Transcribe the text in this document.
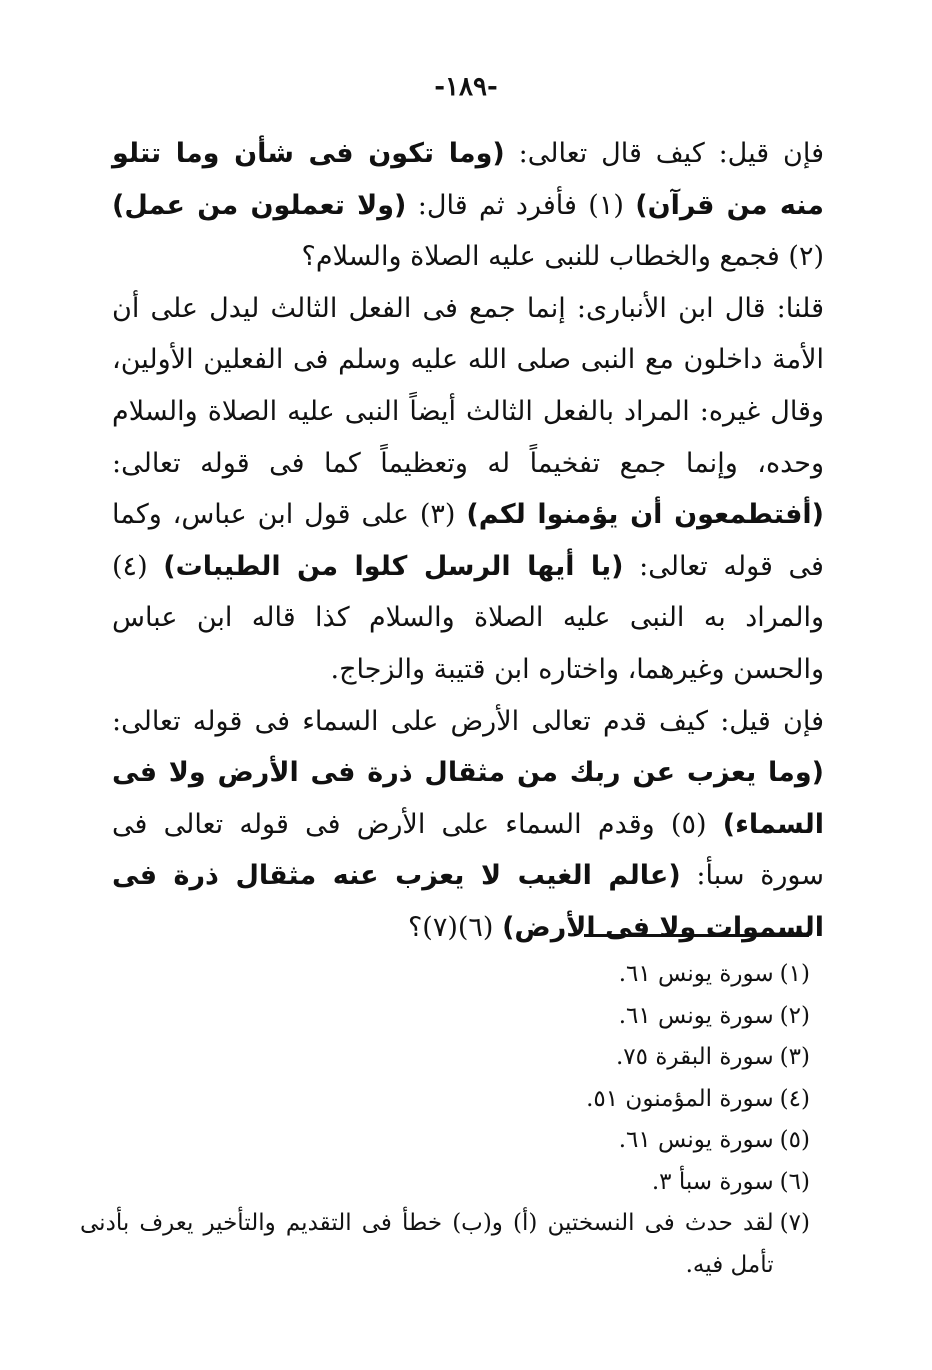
-١٨٩-

فإن قيل: كيف قال تعالى: (وما تكون فى شأن وما تتلو منه من قرآن) (١) فأفرد ثم قال: (ولا تعملون من عمل) (٢) فجمع والخطاب للنبى عليه الصلاة والسلام؟

قلنا: قال ابن الأنبارى: إنما جمع فى الفعل الثالث ليدل على أن الأمة داخلون مع النبى صلى الله عليه وسلم فى الفعلين الأولين، وقال غيره: المراد بالفعل الثالث أيضاً النبى عليه الصلاة والسلام وحده، وإنما جمع تفخيماً له وتعظيماً كما فى قوله تعالى: (أفتطمعون أن يؤمنوا لكم) (٣) على قول ابن عباس، وكما فى قوله تعالى: (يا أيها الرسل كلوا من الطيبات) (٤) والمراد به النبى عليه الصلاة والسلام كذا قاله ابن عباس والحسن وغيرهما، واختاره ابن قتيبة والزجاج.

فإن قيل: كيف قدم تعالى الأرض على السماء فى قوله تعالى: (وما يعزب عن ربك من مثقال ذرة فى الأرض ولا فى السماء) (٥) وقدم السماء على الأرض فى قوله تعالى فى سورة سبأ: (عالم الغيب لا يعزب عنه مثقال ذرة فى السموات ولا فى الأرض) (٦)(٧)؟

(١)
سورة يونس ٦١.
(٢)
سورة يونس ٦١.
(٣)
سورة البقرة ٧٥.
(٤)
سورة المؤمنون ٥١.
(٥)
سورة يونس ٦١.
(٦)
سورة سبأ ٣.
(٧)
لقد حدث فى النسختين (أ) و(ب) خطأ فى التقديم والتأخير يعرف بأدنى تأمل فيه.
